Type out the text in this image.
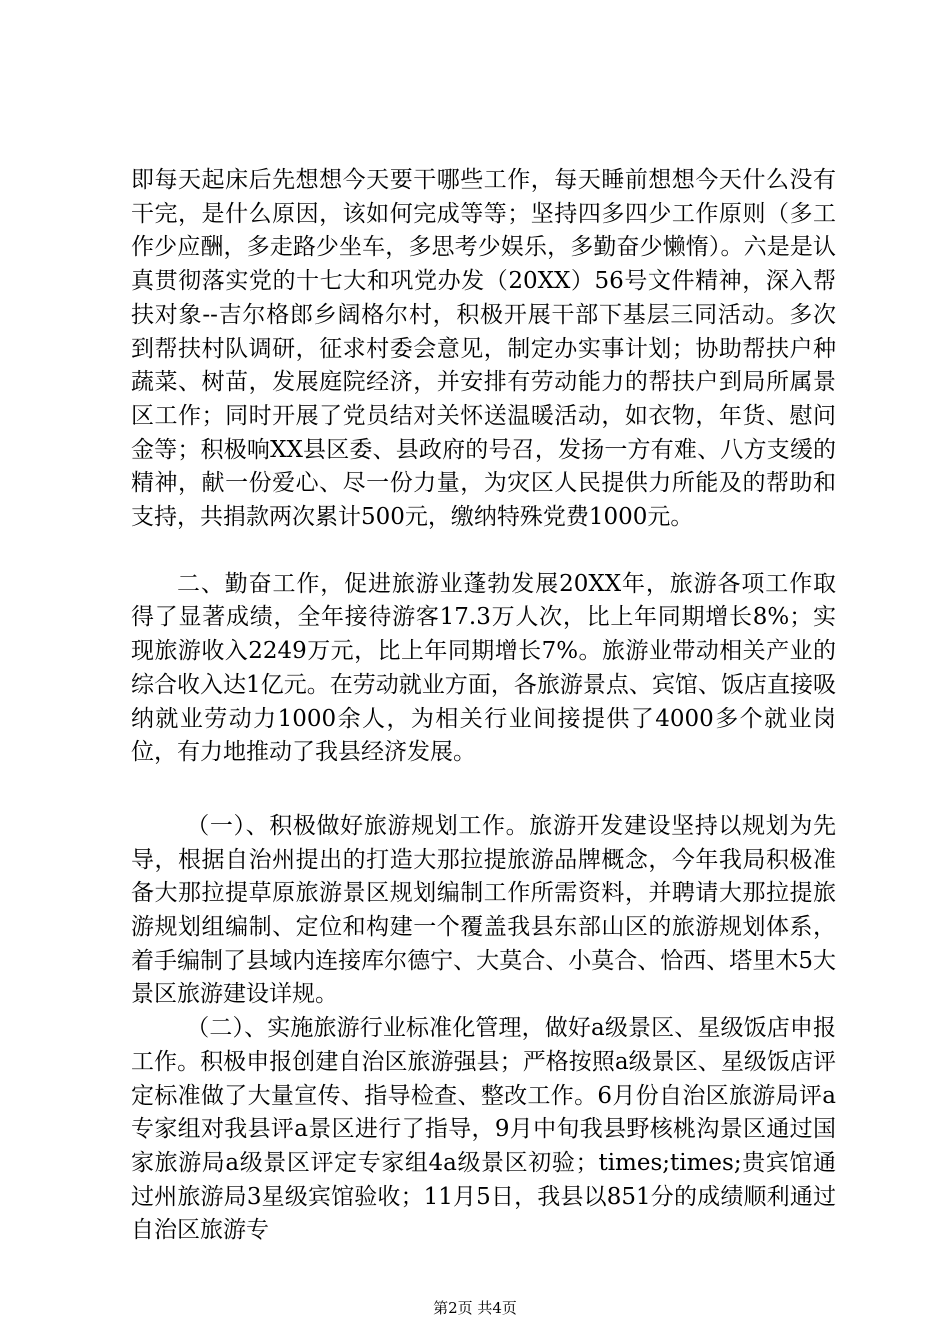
即每天起床后先想想今天要干哪些工作，每天睡前想想今天什么没有干完，是什么原因，该如何完成等等；坚持四多四少工作原则（多工作少应酬，多走路少坐车，多思考少娱乐，多勤奋少懒惰）。六是是认真贯彻落实党的十七大和巩党办发（20XX）56号文件精神，深入帮扶对象--吉尔格郎乡阔格尔村，积极开展干部下基层三同活动。多次到帮扶村队调研，征求村委会意见，制定办实事计划；协助帮扶户种蔬菜、树苗，发展庭院经济，并安排有劳动能力的帮扶户到局所属景区工作；同时开展了党员结对关怀送温暖活动，如衣物，年货、慰问金等；积极响XX县区委、县政府的号召，发扬一方有难、八方支缓的精神，献一份爱心、尽一份力量，为灾区人民提供力所能及的帮助和支持，共捐款两次累计500元，缴纳特殊党费1000元。

二、勤奋工作，促进旅游业蓬勃发展20XX年，旅游各项工作取得了显著成绩，全年接待游客17.3万人次，比上年同期增长8%；实现旅游收入2249万元，比上年同期增长7%。旅游业带动相关产业的综合收入达1亿元。在劳动就业方面，各旅游景点、宾馆、饭店直接吸纳就业劳动力1000余人，为相关行业间接提供了4000多个就业岗位，有力地推动了我县经济发展。

（一）、积极做好旅游规划工作。旅游开发建设坚持以规划为先导，根据自治州提出的打造大那拉提旅游品牌概念，今年我局积极准备大那拉提草原旅游景区规划编制工作所需资料，并聘请大那拉提旅游规划组编制、定位和构建一个覆盖我县东部山区的旅游规划体系，着手编制了县域内连接库尔德宁、大莫合、小莫合、恰西、塔里木5大景区旅游建设详规。

（二）、实施旅游行业标准化管理，做好a级景区、星级饭店申报工作。积极申报创建自治区旅游强县；严格按照a级景区、星级饭店评定标准做了大量宣传、指导检查、整改工作。6月份自治区旅游局评a专家组对我县评a景区进行了指导，9月中旬我县野核桃沟景区通过国家旅游局a级景区评定专家组4a级景区初验；times;times;贵宾馆通过州旅游局3星级宾馆验收；11月5日，我县以851分的成绩顺利通过自治区旅游专

第2页 共4页
